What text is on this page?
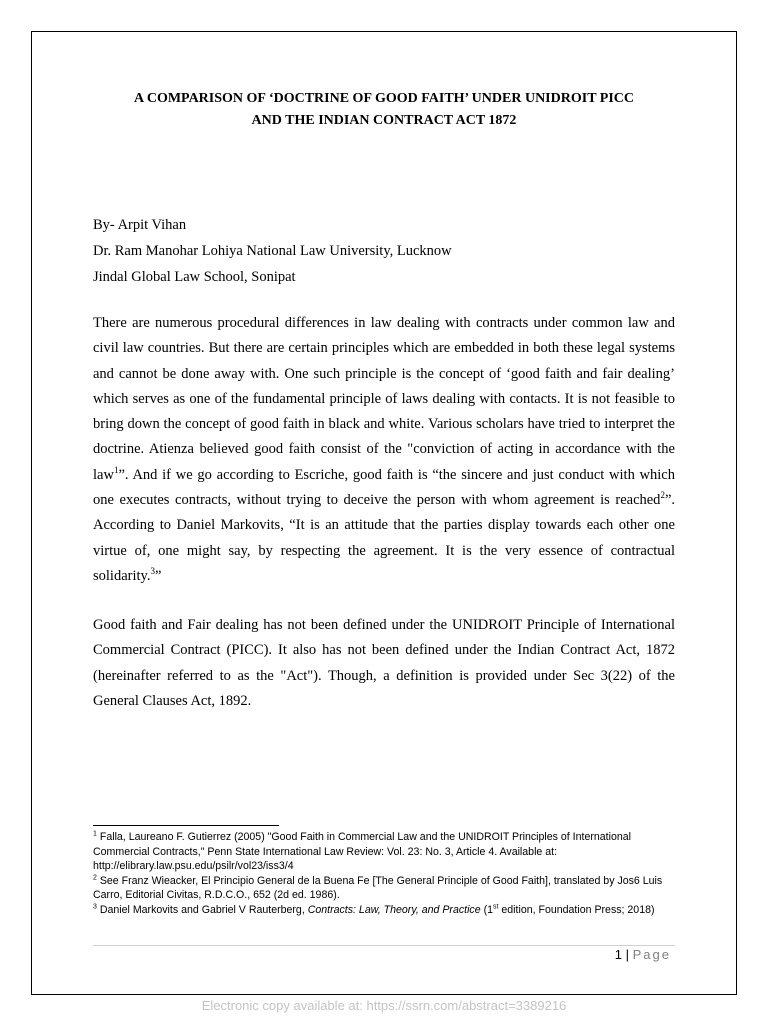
A COMPARISON OF ‘DOCTRINE OF GOOD FAITH’ UNDER UNIDROIT PICC
AND THE INDIAN CONTRACT ACT 1872
By- Arpit Vihan
Dr. Ram Manohar Lohiya National Law University, Lucknow
Jindal Global Law School, Sonipat

There are numerous procedural differences in law dealing with contracts under common law and civil law countries. But there are certain principles which are embedded in both these legal systems and cannot be done away with. One such principle is the concept of ‘good faith and fair dealing’ which serves as one of the fundamental principle of laws dealing with contacts. It is not feasible to bring down the concept of good faith in black and white. Various scholars have tried to interpret the doctrine. Atienza believed good faith consist of the "conviction of acting in accordance with the law$^1$”. And if we go according to Escriche, good faith is “the sincere and just conduct with which one executes contracts, without trying to deceive the person with whom agreement is reached$^2$”. According to Daniel Markovits, “It is an attitude that the parties display towards each other one virtue of, one might say, by respecting the agreement. It is the very essence of contractual solidarity.$^3$”

Good faith and Fair dealing has not been defined under the UNIDROIT Principle of International Commercial Contract (PICC). It also has not been defined under the Indian Contract Act, 1872 (hereinafter referred to as the "Act"). Though, a definition is provided under Sec 3(22) of the General Clauses Act, 1892.

$^1$ Falla, Laureano F. Gutierrez (2005) "Good Faith in Commercial Law and the UNIDROIT Principles of International Commercial Contracts," Penn State International Law Review: Vol. 23: No. 3, Article 4. Available at: http://elibrary.law.psu.edu/psilr/vol23/iss3/4

$^2$ See Franz Wieacker, El Principio General de la Buena Fe [The General Principle of Good Faith], translated by Jos6 Luis Carro, Editorial Civitas, R.D.C.O., 652 (2d ed. 1986).

$^3$ Daniel Markovits and Gabriel V Rauterberg, Contracts: Law, Theory, and Practice (1st edition, Foundation Press; 2018)

1 | Page
Electronic copy available at: https://ssrn.com/abstract=3389216
